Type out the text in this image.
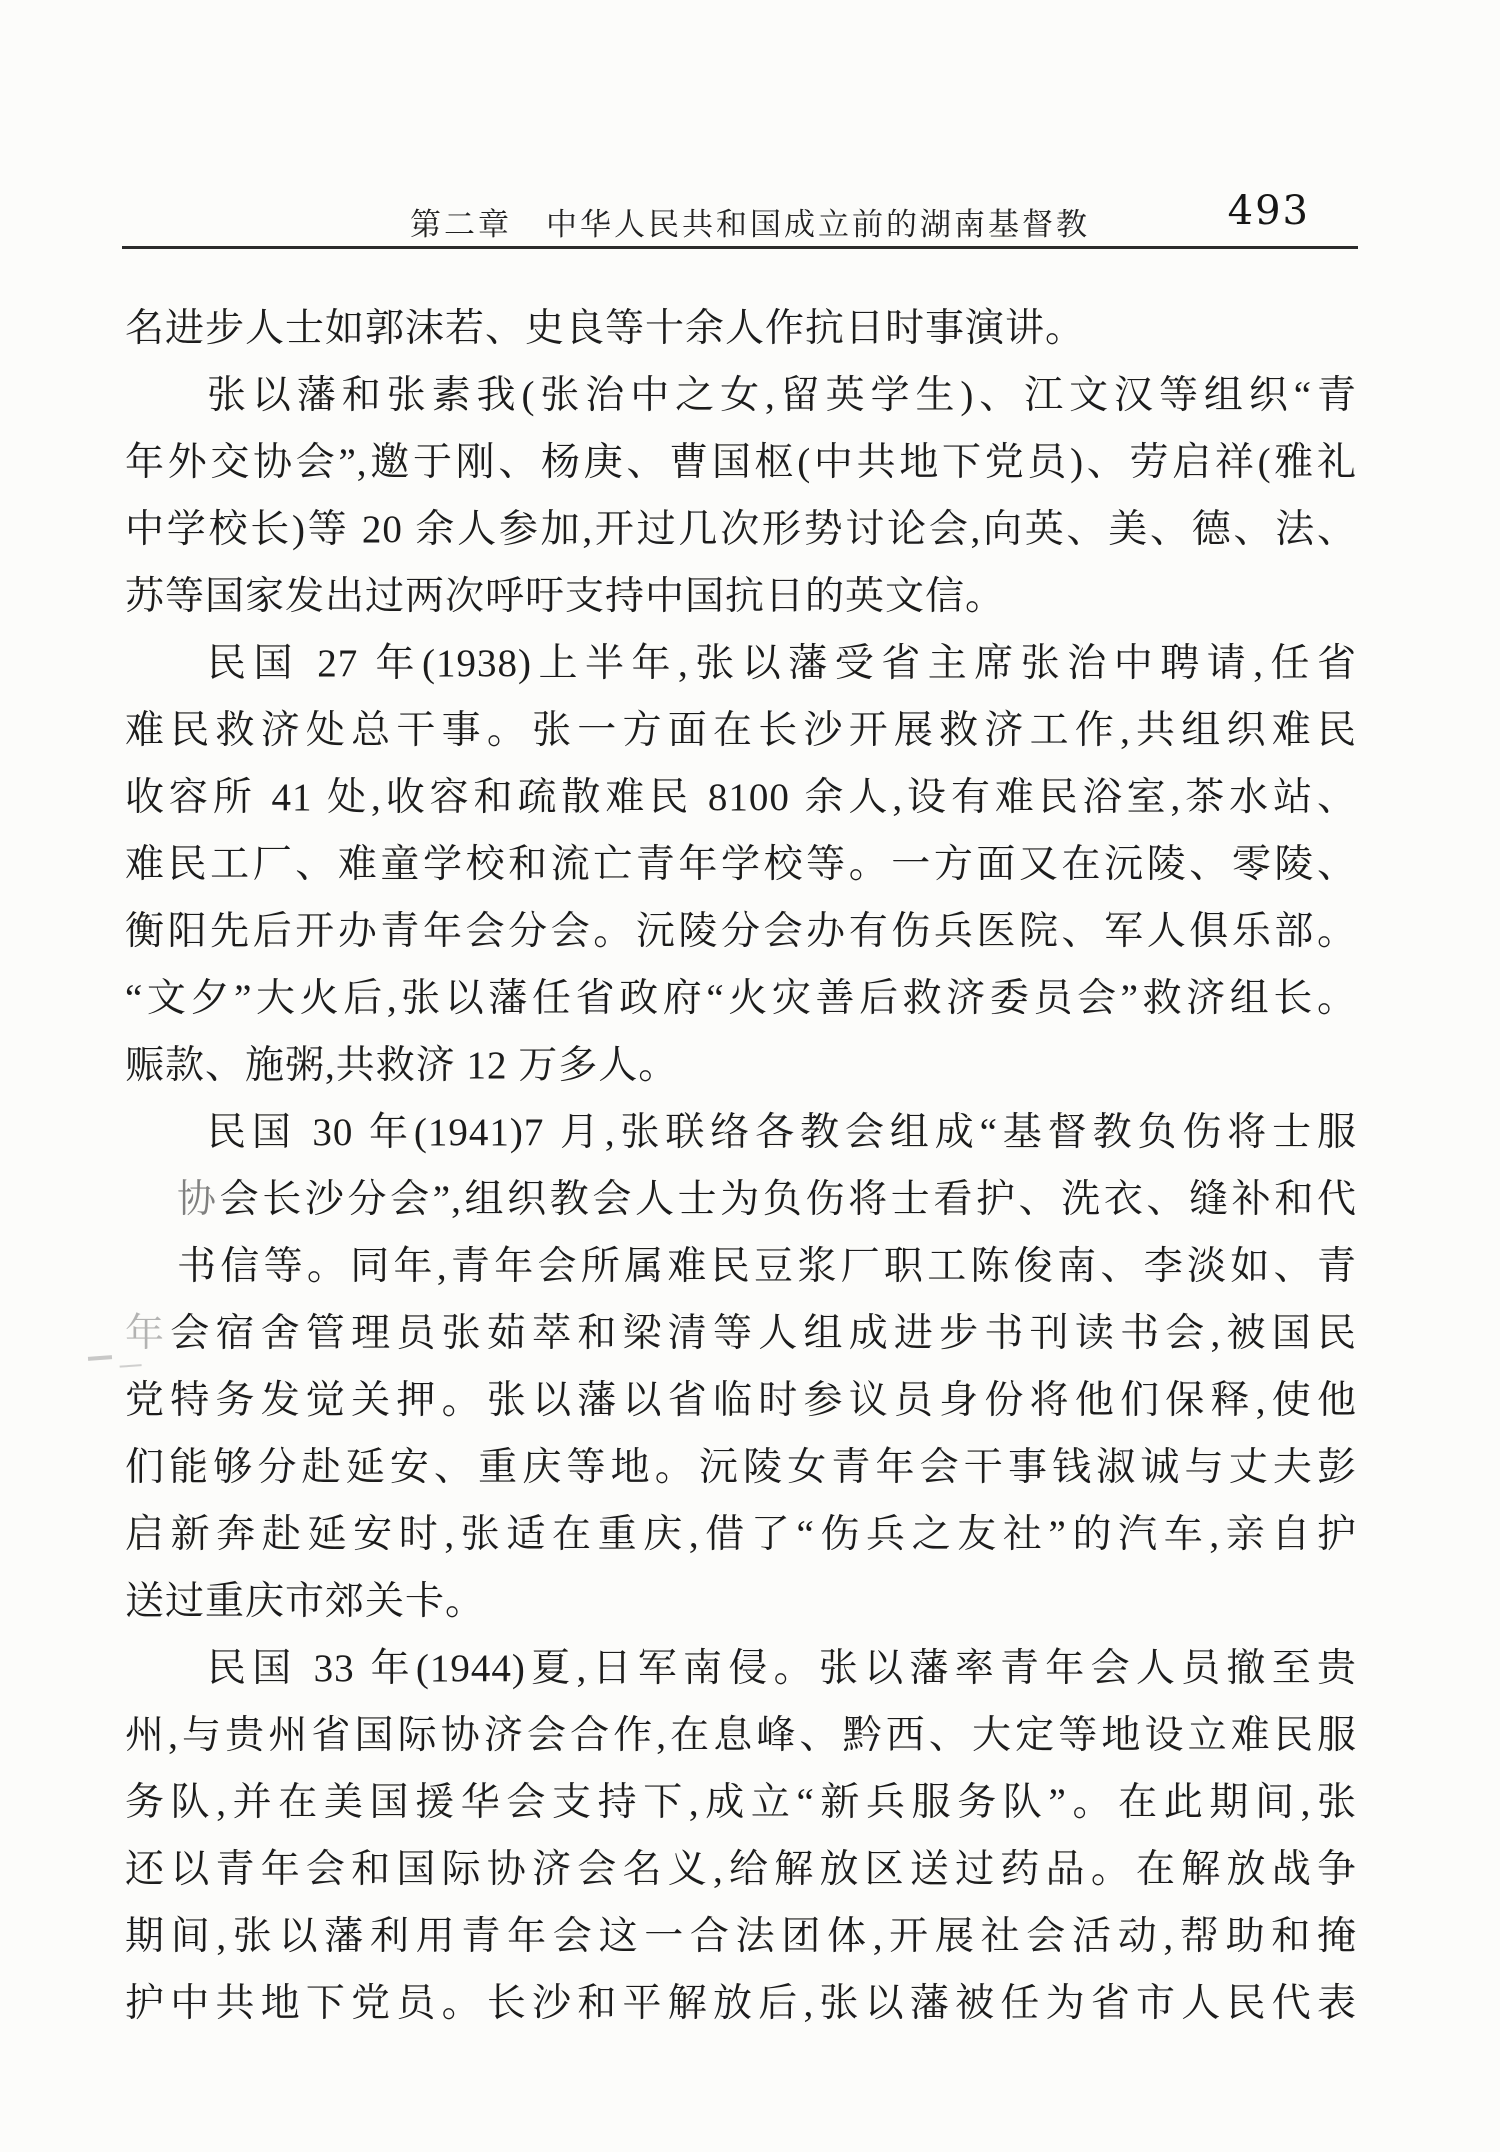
第二章　中华人民共和国成立前的湖南基督教	493

名进步人士如郭沫若、史良等十余人作抗日时事演讲。

张以藩和张素我(张治中之女,留英学生)、江文汉等组织“青

年外交协会”,邀于刚、杨庚、曹国枢(中共地下党员)、劳启祥(雅礼

中学校长)等 20 余人参加,开过几次形势讨论会,向英、美、德、法、

苏等国家发出过两次呼吁支持中国抗日的英文信。

民国 27 年(1938)上半年,张以藩受省主席张治中聘请,任省

难民救济处总干事。张一方面在长沙开展救济工作,共组织难民

收容所 41 处,收容和疏散难民 8100 余人,设有难民浴室,茶水站、

难民工厂、难童学校和流亡青年学校等。一方面又在沅陵、零陵、

衡阳先后开办青年会分会。沅陵分会办有伤兵医院、军人俱乐部。

“文夕”大火后,张以藩任省政府“火灾善后救济委员会”救济组长。

赈款、施粥,共救济 12 万多人。

民国 30 年(1941)7 月,张联络各教会组成“基督教负伤将士服

协会长沙分会”,组织教会人士为负伤将士看护、洗衣、缝补和代

书信等。同年,青年会所属难民豆浆厂职工陈俊南、李淡如、青

年会宿舍管理员张茹萃和梁清等人组成进步书刊读书会,被国民

党特务发觉关押。张以藩以省临时参议员身份将他们保释,使他

们能够分赴延安、重庆等地。沅陵女青年会干事钱淑诚与丈夫彭

启新奔赴延安时,张适在重庆,借了“伤兵之友社”的汽车,亲自护

送过重庆市郊关卡。

民国 33 年(1944)夏,日军南侵。张以藩率青年会人员撤至贵

州,与贵州省国际协济会合作,在息峰、黔西、大定等地设立难民服

务队,并在美国援华会支持下,成立“新兵服务队”。在此期间,张

还以青年会和国际协济会名义,给解放区送过药品。在解放战争

期间,张以藩利用青年会这一合法团体,开展社会活动,帮助和掩

护中共地下党员。长沙和平解放后,张以藩被任为省市人民代表
